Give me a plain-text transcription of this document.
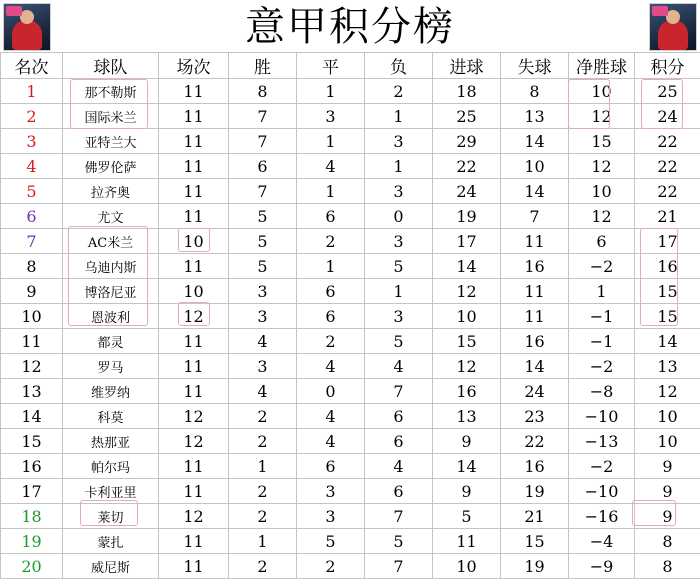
意甲积分榜
名次	球队	场次	胜	平	负	进球	失球	净胜球	积分
1	那不勒斯	11	8	1	2	18	8	10	25
2	国际米兰	11	7	3	1	25	13	12	24
3	亚特兰大	11	7	1	3	29	14	15	22
4	佛罗伦萨	11	6	4	1	22	10	12	22
5	拉齐奥	11	7	1	3	24	14	10	22
6	尤文	11	5	6	0	19	7	12	21
7	AC米兰	10	5	2	3	17	11	6	17
8	乌迪内斯	11	5	1	5	14	16	−2	16
9	博洛尼亚	10	3	6	1	12	11	1	15
10	恩波利	12	3	6	3	10	11	−1	15
11	都灵	11	4	2	5	15	16	−1	14
12	罗马	11	3	4	4	12	14	−2	13
13	维罗纳	11	4	0	7	16	24	−8	12
14	科莫	12	2	4	6	13	23	−10	10
15	热那亚	12	2	4	6	9	22	−13	10
16	帕尔玛	11	1	6	4	14	16	−2	9
17	卡利亚里	11	2	3	6	9	19	−10	9
18	莱切	12	2	3	7	5	21	−16	9
19	蒙扎	11	1	5	5	11	15	−4	8
20	威尼斯	11	2	2	7	10	19	−9	8
